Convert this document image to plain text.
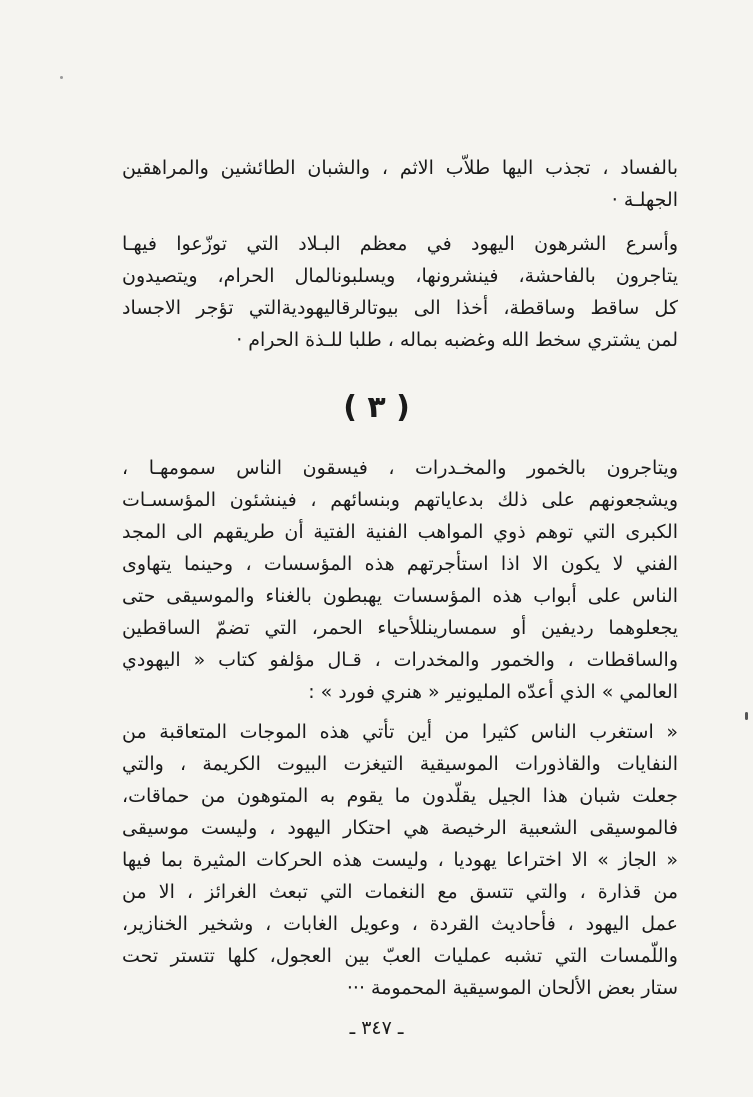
بالفساد ، تجذب اليها طلاّب الاثم ، والشبان الطائشين والمراهقين
الجهلـة ·
وأسرع الشرهون اليهود في معظم البـلاد التي توزّعوا فيهـا
يتاجرون بالفاحشة، فينشرونها، ويسلبونالمال الحرام، ويتصيدون
كل ساقط وساقطة، أخذا الى بيوتالرقاليهوديةالتي تؤجر الاجساد
لمن يشتري سخط الله وغضبه بماله ، طلبا للـذة الحرام ·
( ٣ )
ويتاجرون بالخمور والمخـدرات ، فيسقون الناس سمومهـا ،
ويشجعونهم على ذلك بدعاياتهم وبنسائهم ، فينشئون المؤسسـات
الكبرى التي توهم ذوي المواهب الفنية الفتية أن طريقهم الى المجد
الفني لا يكون الا اذا استأجرتهم هذه المؤسسات ، وحينما يتهاوى
الناس على أبواب هذه المؤسسات يهبطون بالغناء والموسيقى حتى
يجعلوهما رديفين أو سمسارينللأحياء الحمر، التي تضمّ الساقطين
والساقطات ، والخمور والمخدرات ، قـال مؤلفو كتاب « اليهودي
العالمي » الذي أعدّه المليونير « هنري فورد » :
« استغرب الناس كثيرا من أين تأتي هذه الموجات المتعاقبة من
النفايات والقاذورات الموسيقية التيغزت البيوت الكريمة ، والتي
جعلت شبان هذا الجيل يقلّدون ما يقوم به المتوهون من حماقات،
فالموسيقى الشعبية الرخيصة هي احتكار اليهود ، وليست موسيقى
« الجاز » الا اختراعا يهوديا ، وليست هذه الحركات المثيرة بما فيها
من قذارة ، والتي تتسق مع النغمات التي تبعث الغرائز ، الا من
عمل اليهود ، فأحاديث القردة ، وعويل الغابات ، وشخير الخنازير،
واللّمسات التي تشبه عمليات العبّ بين العجول، كلها تتستر تحت
ستار بعض الألحان الموسيقية المحمومة ···
ـ ٣٤٧ ـ
